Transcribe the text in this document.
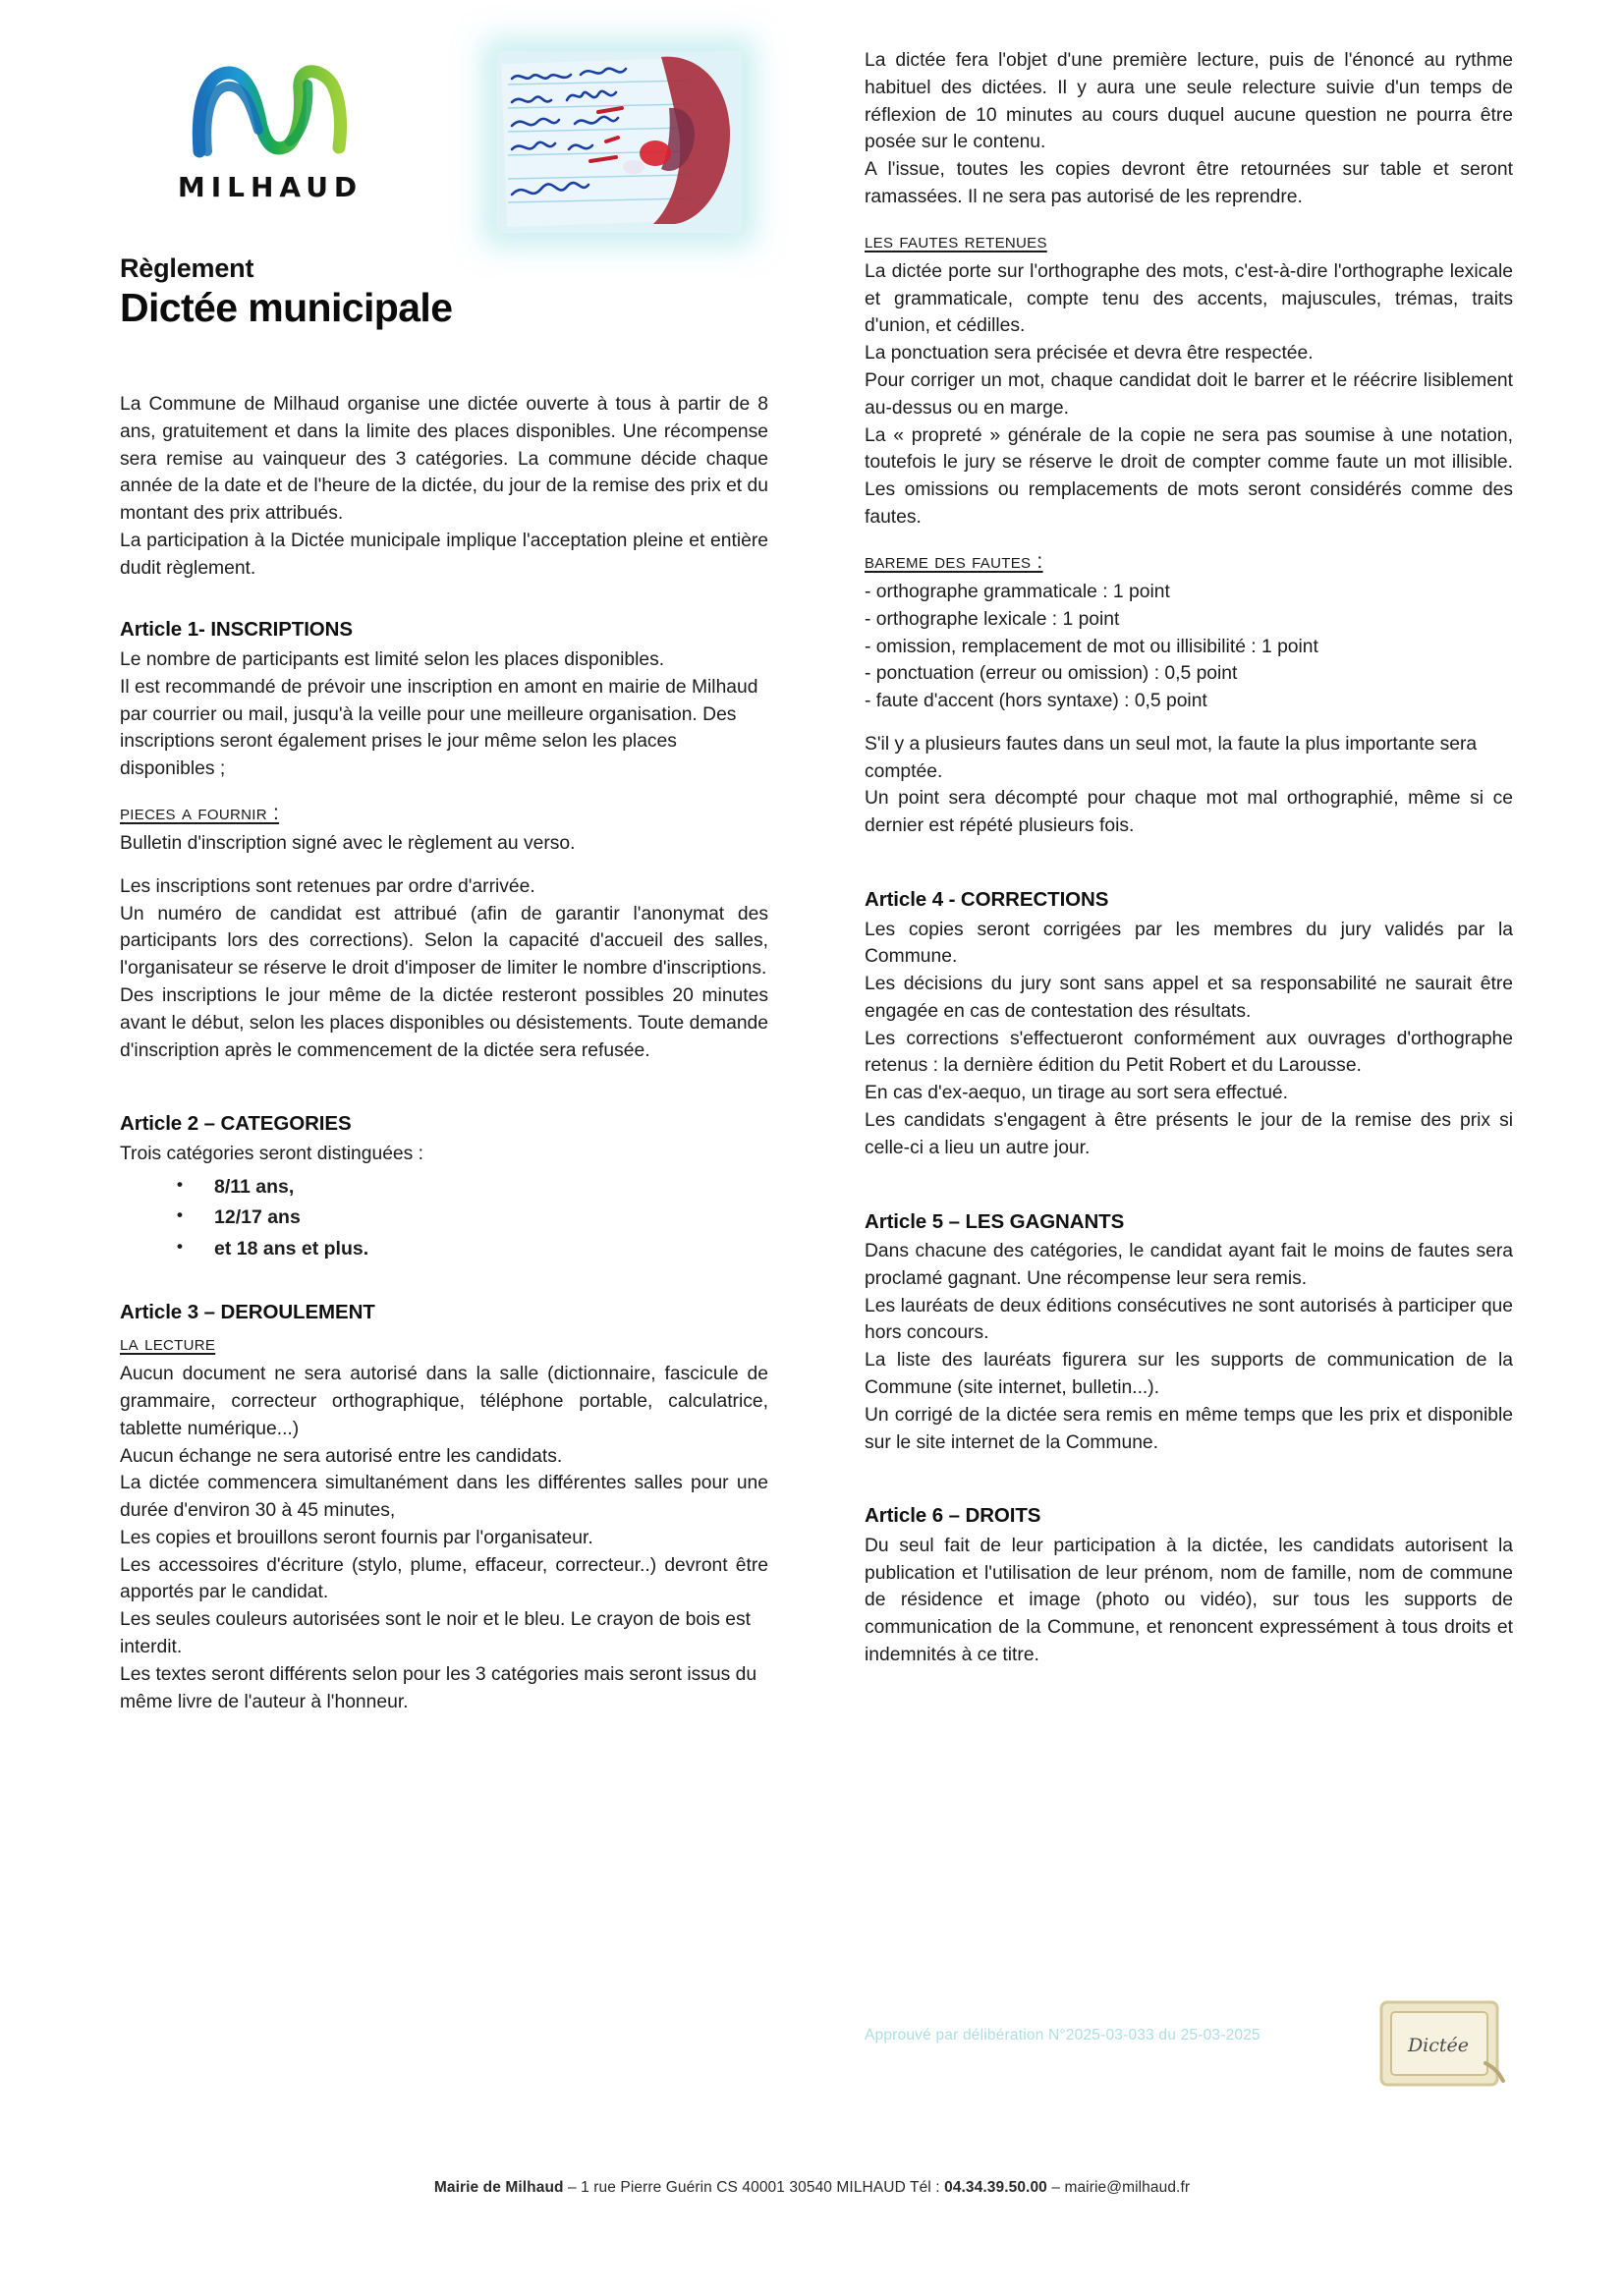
MILHAUD
Règlement
Dictée municipale

La Commune de Milhaud organise une dictée ouverte à tous à partir de 8 ans, gratuitement et dans la limite des places disponibles. Une récompense sera remise au vainqueur des 3 catégories. La commune décide chaque année de la date et de l'heure de la dictée, du jour de la remise des prix et du montant des prix attribués.

La participation à la Dictée municipale implique l'acceptation pleine et entière dudit règlement.

Article 1- INSCRIPTIONS

Le nombre de participants est limité selon les places disponibles.

Il est recommandé de prévoir une inscription en amont en mairie de Milhaud par courrier ou mail, jusqu'à la veille pour une meilleure organisation. Des inscriptions seront également prises le jour même selon les places disponibles ;

pieces a fournir :

Bulletin d'inscription signé avec le règlement au verso.

Les inscriptions sont retenues par ordre d'arrivée.

Un numéro de candidat est attribué (afin de garantir l'anonymat des participants lors des corrections). Selon la capacité d'accueil des salles, l'organisateur se réserve le droit d'imposer de limiter le nombre d'inscriptions.

Des inscriptions le jour même de la dictée resteront possibles 20 minutes avant le début, selon les places disponibles ou désistements. Toute demande d'inscription après le commencement de la dictée sera refusée.

Article 2 – CATEGORIES

Trois catégories seront distinguées :

• 8/11 ans,
• 12/17 ans
• et 18 ans et plus.
Article 3 – DEROULEMENT
la lecture

Aucun document ne sera autorisé dans la salle (dictionnaire, fascicule de grammaire, correcteur orthographique, téléphone portable, calculatrice, tablette numérique...)

Aucun échange ne sera autorisé entre les candidats.

La dictée commencera simultanément dans les différentes salles pour une durée d'environ 30 à 45 minutes,

Les copies et brouillons seront fournis par l'organisateur.

Les accessoires d'écriture (stylo, plume, effaceur, correcteur..) devront être apportés par le candidat.

Les seules couleurs autorisées sont le noir et le bleu. Le crayon de bois est interdit.

Les textes seront différents selon pour les 3 catégories mais seront issus du même livre de l'auteur à l'honneur.

La dictée fera l'objet d'une première lecture, puis de l'énoncé au rythme habituel des dictées. Il y aura une seule relecture suivie d'un temps de réflexion de 10 minutes au cours duquel aucune question ne pourra être posée sur le contenu.

A l'issue, toutes les copies devront être retournées sur table et seront ramassées. Il ne sera pas autorisé de les reprendre.

les fautes retenues

La dictée porte sur l'orthographe des mots, c'est-à-dire l'orthographe lexicale et grammaticale, compte tenu des accents, majuscules, trémas, traits d'union, et cédilles.

La ponctuation sera précisée et devra être respectée.

Pour corriger un mot, chaque candidat doit le barrer et le réécrire lisiblement au-dessus ou en marge.

La « propreté » générale de la copie ne sera pas soumise à une notation, toutefois le jury se réserve le droit de compter comme faute un mot illisible. Les omissions ou remplacements de mots seront considérés comme des fautes.

bareme des fautes :

- orthographe grammaticale : 1 point

- orthographe lexicale : 1 point

- omission, remplacement de mot ou illisibilité : 1 point

- ponctuation (erreur ou omission) : 0,5 point

- faute d'accent (hors syntaxe) : 0,5 point

S'il y a plusieurs fautes dans un seul mot, la faute la plus importante sera comptée.

Un point sera décompté pour chaque mot mal orthographié, même si ce dernier est répété plusieurs fois.

Article 4 - CORRECTIONS

Les copies seront corrigées par les membres du jury validés par la Commune.

Les décisions du jury sont sans appel et sa responsabilité ne saurait être engagée en cas de contestation des résultats.

Les corrections s'effectueront conformément aux ouvrages d'orthographe retenus : la dernière édition du Petit Robert et du Larousse.

En cas d'ex-aequo, un tirage au sort sera effectué.

Les candidats s'engagent à être présents le jour de la remise des prix si celle-ci a lieu un autre jour.

Article 5 – LES GAGNANTS

Dans chacune des catégories, le candidat ayant fait le moins de fautes sera proclamé gagnant. Une récompense leur sera remis.

Les lauréats de deux éditions consécutives ne sont autorisés à participer que hors concours.

La liste des lauréats figurera sur les supports de communication de la Commune (site internet, bulletin...).

Un corrigé de la dictée sera remis en même temps que les prix et disponible sur le site internet de la Commune.

Article 6 – DROITS

Du seul fait de leur participation à la dictée, les candidats autorisent la publication et l'utilisation de leur prénom, nom de famille, nom de commune de résidence et image (photo ou vidéo), sur tous les supports de communication de la Commune, et renoncent expressément à tous droits et indemnités à ce titre.

Approuvé par délibération N°2025-03-033 du 25-03-2025	Dictée
Mairie de Milhaud – 1 rue Pierre Guérin CS 40001 30540 MILHAUD Tél : 04.34.39.50.00 – mairie@milhaud.fr
